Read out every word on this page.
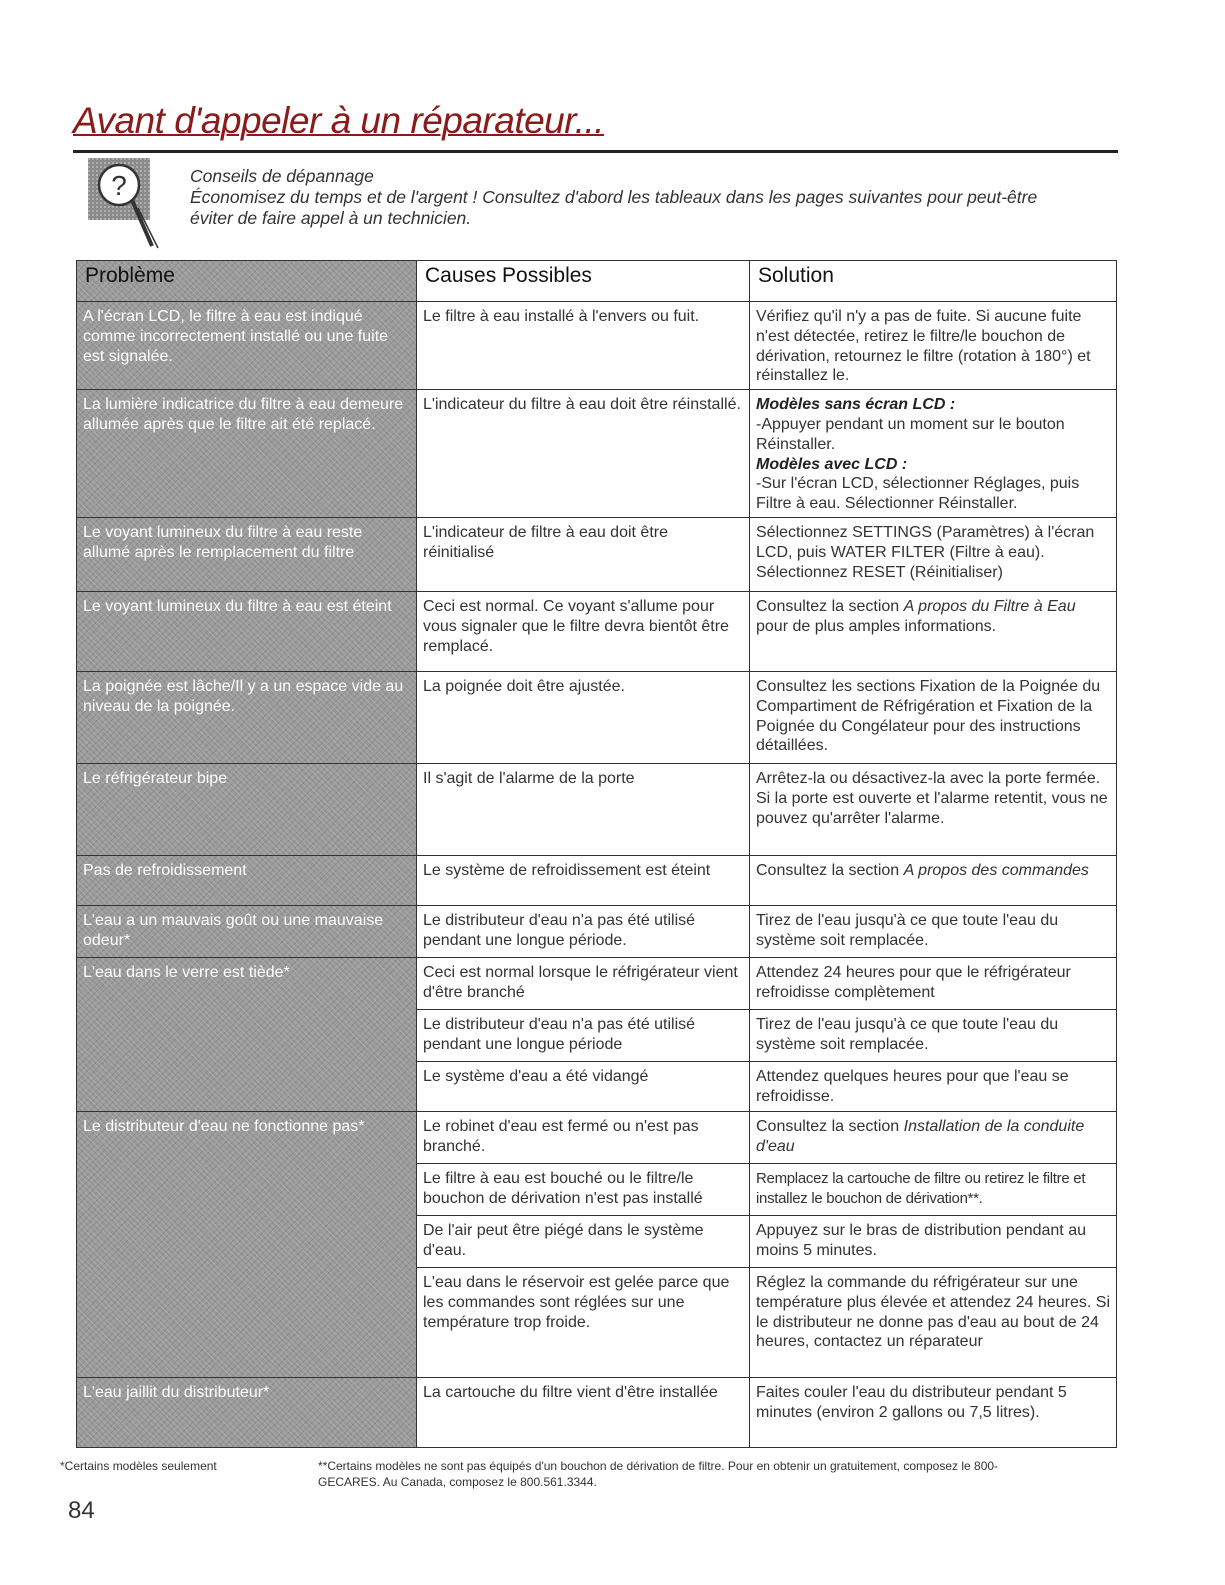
Avant d'appeler à un réparateur...
?	Conseils de dépannage
Économisez du temps et de l'argent ! Consultez d'abord les tableaux dans les pages suivantes pour peut-être éviter de faire appel à un technicien.
Problème	Causes Possibles	Solution
A l'écran LCD, le filtre à eau est indiqué comme incorrectement installé ou une fuite est signalée.	Le filtre à eau installé à l'envers ou fuit.	Vérifiez qu'il n'y a pas de fuite. Si aucune fuite n'est détectée, retirez le filtre/le bouchon de dérivation, retournez le filtre (rotation à 180°) et réinstallez le.
La lumière indicatrice du filtre à eau demeure allumée après que le filtre ait été replacé.	L'indicateur du filtre à eau doit être réinstallé.	Modèles sans écran LCD :
-Appuyer pendant un moment sur le bouton Réinstaller.
Modèles avec LCD :
-Sur l'écran LCD, sélectionner Réglages, puis Filtre à eau. Sélectionner Réinstaller.

Le voyant lumineux du filtre à eau reste allumé après le remplacement du filtre	L'indicateur de filtre à eau doit être réinitialisé	Sélectionnez SETTINGS (Paramètres) à l'écran LCD, puis WATER FILTER (Filtre à eau). Sélectionnez RESET (Réinitialiser)
Le voyant lumineux du filtre à eau est éteint	Ceci est normal. Ce voyant s'allume pour vous signaler que le filtre devra bientôt être remplacé.	Consultez la section A propos du Filtre à Eau pour de plus amples informations.
La poignée est lâche/Il y a un espace vide au niveau de la poignée.	La poignée doit être ajustée.	Consultez les sections Fixation de la Poignée du Compartiment de Réfrigération et Fixation de la Poignée du Congélateur pour des instructions détaillées.
Le réfrigérateur bipe	Il s'agit de l'alarme de la porte	Arrêtez-la ou désactivez-la avec la porte fermée. Si la porte est ouverte et l'alarme retentit, vous ne pouvez qu'arrêter l'alarme.
Pas de refroidissement	Le système de refroidissement est éteint	Consultez la section A propos des commandes
L'eau a un mauvais goût ou une mauvaise odeur*	Le distributeur d'eau n'a pas été utilisé pendant une longue période.	Tirez de l'eau jusqu'à ce que toute l'eau du système soit remplacée.
L'eau dans le verre est tiède*	Ceci est normal lorsque le réfrigérateur vient d'être branché	Attendez 24 heures pour que le réfrigérateur refroidisse complètement
	Le distributeur d'eau n'a pas été utilisé pendant une longue période	Tirez de l'eau jusqu'à ce que toute l'eau du système soit remplacée.
	Le système d'eau a été vidangé	Attendez quelques heures pour que l'eau se refroidisse.
Le distributeur d'eau ne fonctionne pas*	Le robinet d'eau est fermé ou n'est pas branché.	Consultez la section Installation de la conduite d'eau
	Le filtre à eau est bouché ou le filtre/le bouchon de dérivation n'est pas installé	Remplacez la cartouche de filtre ou retirez le filtre et installez le bouchon de dérivation**.
	De l'air peut être piégé dans le système d'eau.	Appuyez sur le bras de distribution pendant au moins 5 minutes.
	L'eau dans le réservoir est gelée parce que les commandes sont réglées sur une température trop froide.	Réglez la commande du réfrigérateur sur une température plus élevée et attendez 24 heures. Si le distributeur ne donne pas d'eau au bout de 24 heures, contactez un réparateur
L'eau jaillit du distributeur*	La cartouche du filtre vient d'être installée	Faites couler l'eau du distributeur pendant 5 minutes (environ 2 gallons ou 7,5 litres).
*Certains modèles seulement	**Certains modèles ne sont pas équipés d'un bouchon de dérivation de filtre. Pour en obtenir un gratuitement, composez le 800-GECARES. Au Canada, composez le 800.561.3344.
84
